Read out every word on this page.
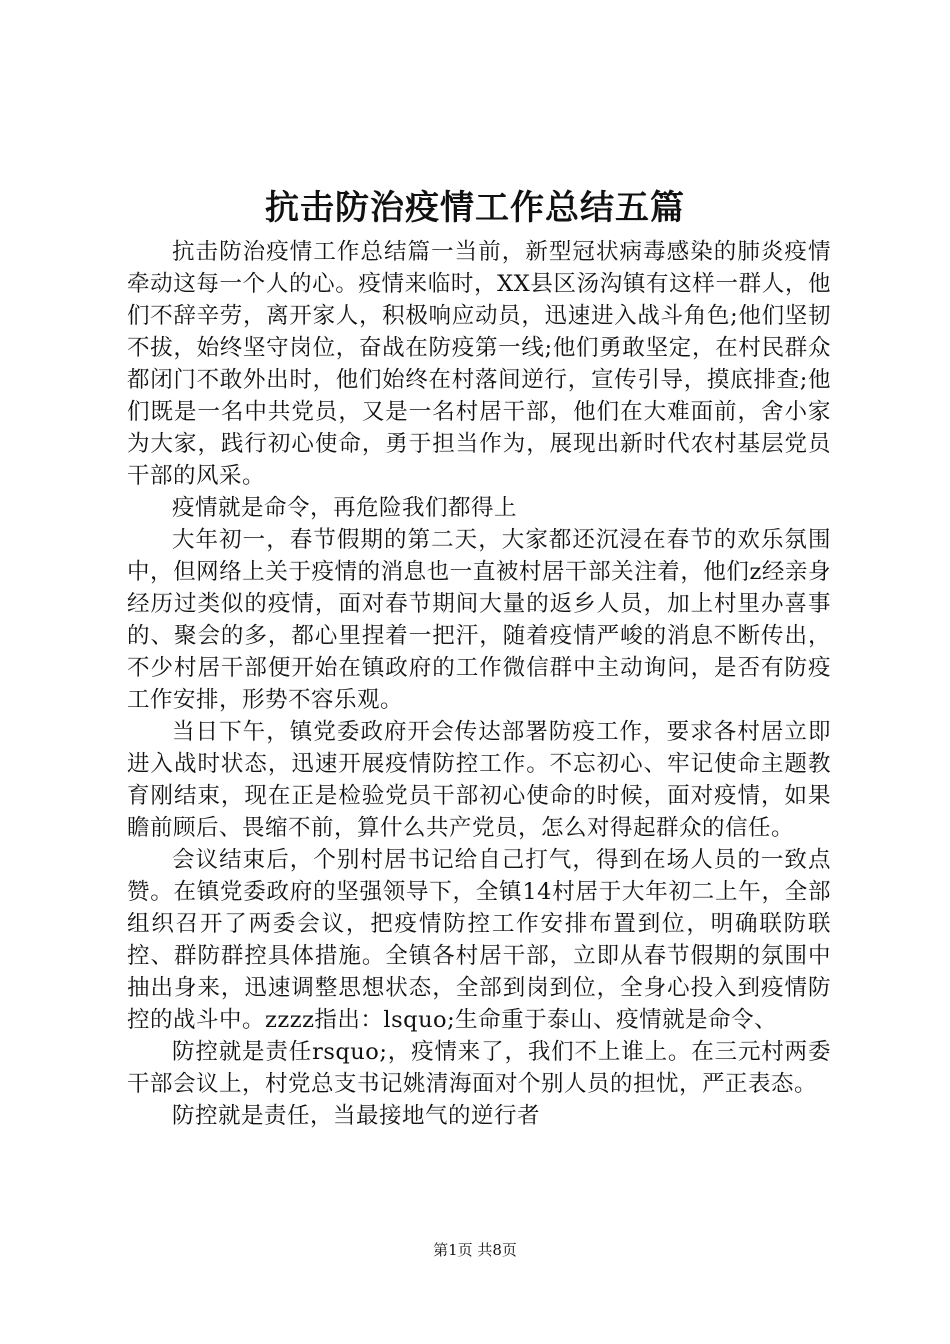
抗击防治疫情工作总结五篇

抗击防治疫情工作总结篇一当前，新型冠状病毒感染的肺炎疫情牵动这每一个人的心。疫情来临时，XX县区汤沟镇有这样一群人，他们不辞辛劳，离开家人，积极响应动员，迅速进入战斗角色;他们坚韧不拔，始终坚守岗位，奋战在防疫第一线;他们勇敢坚定，在村民群众都闭门不敢外出时，他们始终在村落间逆行，宣传引导，摸底排查;他们既是一名中共党员，又是一名村居干部，他们在大难面前，舍小家为大家，践行初心使命，勇于担当作为，展现出新时代农村基层党员干部的风采。

疫情就是命令，再危险我们都得上

大年初一，春节假期的第二天，大家都还沉浸在春节的欢乐氛围中，但网络上关于疫情的消息也一直被村居干部关注着，他们z经亲身经历过类似的疫情，面对春节期间大量的返乡人员，加上村里办喜事的、聚会的多，都心里捏着一把汗，随着疫情严峻的消息不断传出，不少村居干部便开始在镇政府的工作微信群中主动询问，是否有防疫工作安排，形势不容乐观。

当日下午，镇党委政府开会传达部署防疫工作，要求各村居立即进入战时状态，迅速开展疫情防控工作。不忘初心、牢记使命主题教育刚结束，现在正是检验党员干部初心使命的时候，面对疫情，如果瞻前顾后、畏缩不前，算什么共产党员，怎么对得起群众的信任。

会议结束后，个别村居书记给自己打气，得到在场人员的一致点赞。在镇党委政府的坚强领导下，全镇14村居于大年初二上午，全部组织召开了两委会议，把疫情防控工作安排布置到位，明确联防联控、群防群控具体措施。全镇各村居干部，立即从春节假期的氛围中抽出身来，迅速调整思想状态，全部到岗到位，全身心投入到疫情防控的战斗中。zzzz指出：lsquo;生命重于泰山、疫情就是命令、

防控就是责任rsquo;，疫情来了，我们不上谁上。在三元村两委干部会议上，村党总支书记姚清海面对个别人员的担忧，严正表态。

防控就是责任，当最接地气的逆行者

第1页 共8页
